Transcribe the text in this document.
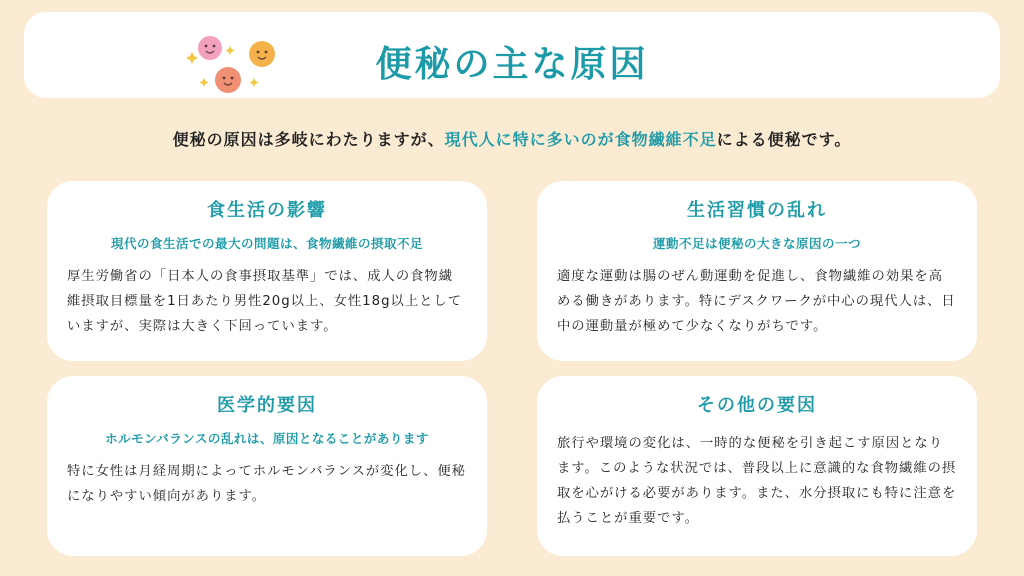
便秘の主な原因
便秘の原因は多岐にわたりますが、現代人に特に多いのが食物繊維不足による便秘です。
食生活の影響
現代の食生活での最大の問題は、食物繊維の摂取不足
厚生労働省の「日本人の食事摂取基準」では、成人の食物繊維摂取目標量を1日あたり男性20g以上、女性18g以上としていますが、実際は大きく下回っています。
生活習慣の乱れ
運動不足は便秘の大きな原因の一つ
適度な運動は腸のぜん動運動を促進し、食物繊維の効果を高める働きがあります。特にデスクワークが中心の現代人は、日中の運動量が極めて少なくなりがちです。
医学的要因
ホルモンバランスの乱れは、原因となることがあります
特に女性は月経周期によってホルモンバランスが変化し、便秘になりやすい傾向があります。
その他の要因
旅行や環境の変化は、一時的な便秘を引き起こす原因となります。このような状況では、普段以上に意識的な食物繊維の摂取を心がける必要があります。また、水分摂取にも特に注意を払うことが重要です。
